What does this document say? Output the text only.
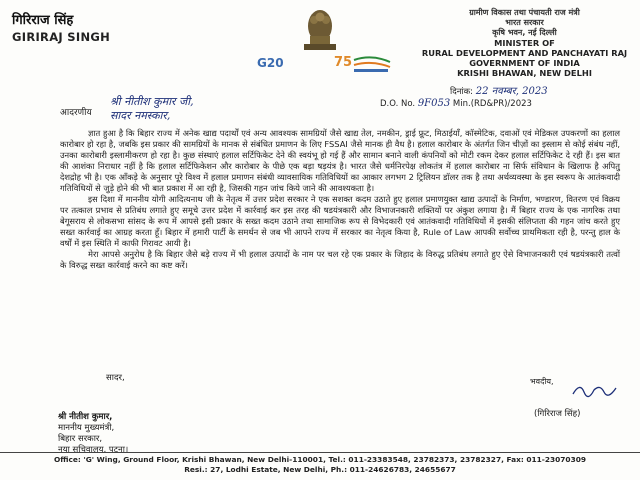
गिरिराज सिंह
GIRIRAJ SINGH
G20	75
ग्रामीण विकास तथा पंचायती राज मंत्री
भारत सरकार
कृषि भवन, नई दिल्ली
MINISTER OF
RURAL DEVELOPMENT AND PANCHAYATI RAJ
GOVERNMENT OF INDIA
KRISHI BHAWAN, NEW DELHI
दिनांक: 22 नवम्बर, 2023
D.O. No. 9F053 Min.(RD&PR)/2023
आदरणीय
श्री नीतीश कुमार जी,
सादर नमस्कार,

ज्ञात हुआ है कि बिहार राज्य में अनेक खाद्य पदार्थों एवं अन्य आवश्यक सामग्रियों जैसे खाद्य तेल, नमकीन, ड्राई फ्रूट, मिठाईयाँ, कॉस्मेटिक, दवाओं एवं मेडिकल उपकरणों का हलाल कारोबार हो रहा है, जबकि इस प्रकार की सामग्रियों के मानक से संबंधित प्रमाणन के लिए FSSAI जैसे मानक ही वैध है। हलाल कारोबार के अंतर्गत जिन चीज़ों का इस्लाम से कोई संबंध नहीं, उनका कारोबारी इस्लामीकरण हो रहा है। कुछ संस्थाएं हलाल सर्टिफिकेट देने की स्वयंभू हो गई हैं और सामान बनाने वाली कंपनियों को मोटी रकम देकर हलाल सर्टिफिकेट दे रही हैं। इस बात की आशंका निराधार नहीं है कि हलाल सर्टिफिकेशन और कारोबार के पीछे एक बड़ा षड़यंत्र है। भारत जैसे धर्मनिरपेक्ष लोकतंत्र में हलाल कारोबार ना सिर्फ संविधान के खिलाफ है अपितु देशद्रोह भी है। एक आँकड़े के अनुसार पूरे विश्व में हलाल प्रमाणन संबंधी व्यावसायिक गतिविधियों का आकार लगभग 2 ट्रिलियन डॉलर तक है तथा अर्थव्यवस्था के इस स्वरूप के आतंकवादी गतिविधियों से जुड़े होने की भी बात प्रकाश में आ रही है, जिसकी गहन जांच किये जाने की आवश्यकता है।

इस दिशा में माननीय योगी आदित्यनाथ जी के नेतृत्व में उत्तर प्रदेश सरकार ने एक सशक्त कदम उठाते हुए हलाल प्रमाणयुक्त खाद्य उत्पादों के निर्माण, भण्डारण, वितरण एवं विक्रय पर तत्काल प्रभाव से प्रतिबंध लगाते हुए समूचे उत्तर प्रदेश में कार्रवाई कर इस तरह की षडयंत्रकारी और विभाजनकारी शक्तियों पर अंकुश लगाया है। मैं बिहार राज्य के एक नागरिक तथा बेगूसराय से लोकसभा सांसद के रूप में आपसे इसी प्रकार के सख्त कदम उठाने तथा सामाजिक रूप से विभेदकारी एवं आतंकवादी गतिविधियों में इसकी संलिप्तता की गहन जांच करते हुए सख्त कार्रवाई का आग्रह करता हूँ। बिहार में हमारी पार्टी के समर्थन से जब भी आपने राज्य में सरकार का नेतृत्व किया है, Rule of Law आपकी सर्वोच्च प्राथमिकता रही है, परन्तु हाल के वर्षों में इस स्थिति में काफी गिरावट आयी है।

मेरा आपसे अनुरोध है कि बिहार जैसे बड़े राज्य में भी हलाल उत्पादों के नाम पर चल रहे एक प्रकार के जिहाद के विरुद्ध प्रतिबंध लगाते हुए ऐसे विभाजनकारी एवं षडयंत्रकारी तत्वों के विरुद्ध सख्त कार्रवाई करने का कष्ट करें।

सादर,	भवदीय,
(गिरिराज सिंह)
श्री नीतीश कुमार,
माननीय मुख्यमंत्री,
बिहार सरकार,
नया सचिवालय, पटना।
Office: 'G' Wing, Ground Floor, Krishi Bhawan, New Delhi-110001, Tel.: 011-23383548, 23782373, 23782327, Fax: 011-23070309
Resi.: 27, Lodhi Estate, New Delhi, Ph.: 011-24626783, 24655677
